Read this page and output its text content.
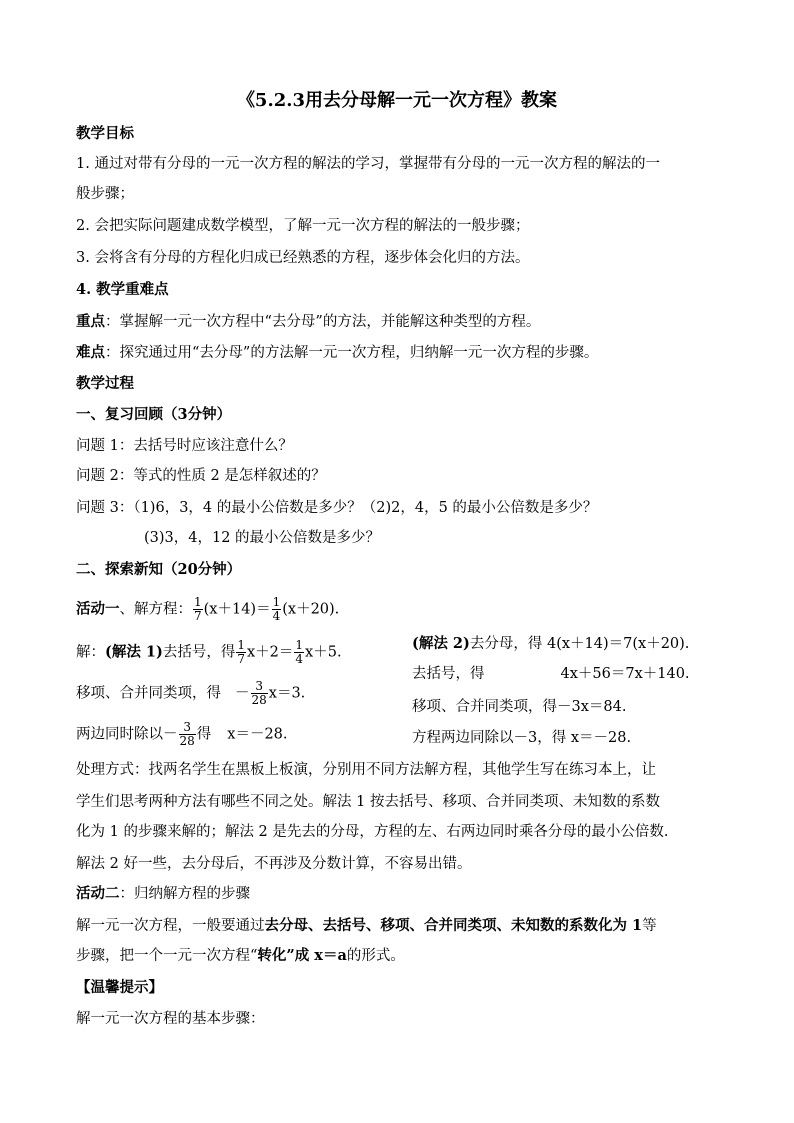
《5.2.3用去分母解一元一次方程》教案
教学目标
1. 通过对带有分母的一元一次方程的解法的学习，掌握带有分母的一元一次方程的解法的一
般步骤；
2. 会把实际问题建成数学模型，了解一元一次方程的解法的一般步骤；
3. 会将含有分母的方程化归成已经熟悉的方程，逐步体会化归的方法。
4. 教学重难点
重点：掌握解一元一次方程中“去分母”的方法，并能解这种类型的方程。
难点：探究通过用“去分母”的方法解一元一次方程，归纳解一元一次方程的步骤。
教学过程
一、复习回顾（3分钟）
问题 1：去括号时应该注意什么？
问题 2：等式的性质 2 是怎样叙述的？
问题 3：（1)6，3，4 的最小公倍数是多少？（2)2，4，5 的最小公倍数是多少？
(3)3，4，12 的最小公倍数是多少？
二、探索新知（20分钟）
活动一、解方程： $\frac{1}{7} (x+14)= \frac{1}{4} (x+20)$.
解：(解法 1)去括号，得 $\frac{1}{7} x+2= \frac{1}{4} x+5$.
移项、合并同类项，得 － $\frac{3}{28} x=3$.
两边同时除以－ $\frac{3}{28}$ 得 x＝－28.
(解法 2)去分母，得 4(x＋14)＝7(x＋20).
去括号，得	4x＋56＝7x＋140.
移项、合并同类项，得－3x＝84.
方程两边同除以－3，得 x＝－28.
处理方式：找两名学生在黑板上板演，分别用不同方法解方程，其他学生写在练习本上，让
学生们思考两种方法有哪些不同之处。解法 1 按去括号、移项、合并同类项、未知数的系数
化为 1 的步骤来解的；解法 2 是先去的分母，方程的左、右两边同时乘各分母的最小公倍数.
解法 2 好一些，去分母后，不再涉及分数计算，不容易出错。
活动二：归纳解方程的步骤
解一元一次方程，一般要通过去分母、去括号、移项、合并同类项、未知数的系数化为 1等
步骤，把一个一元一次方程“转化”成 x＝a的形式。
【温馨提示】
解一元一次方程的基本步骤：
